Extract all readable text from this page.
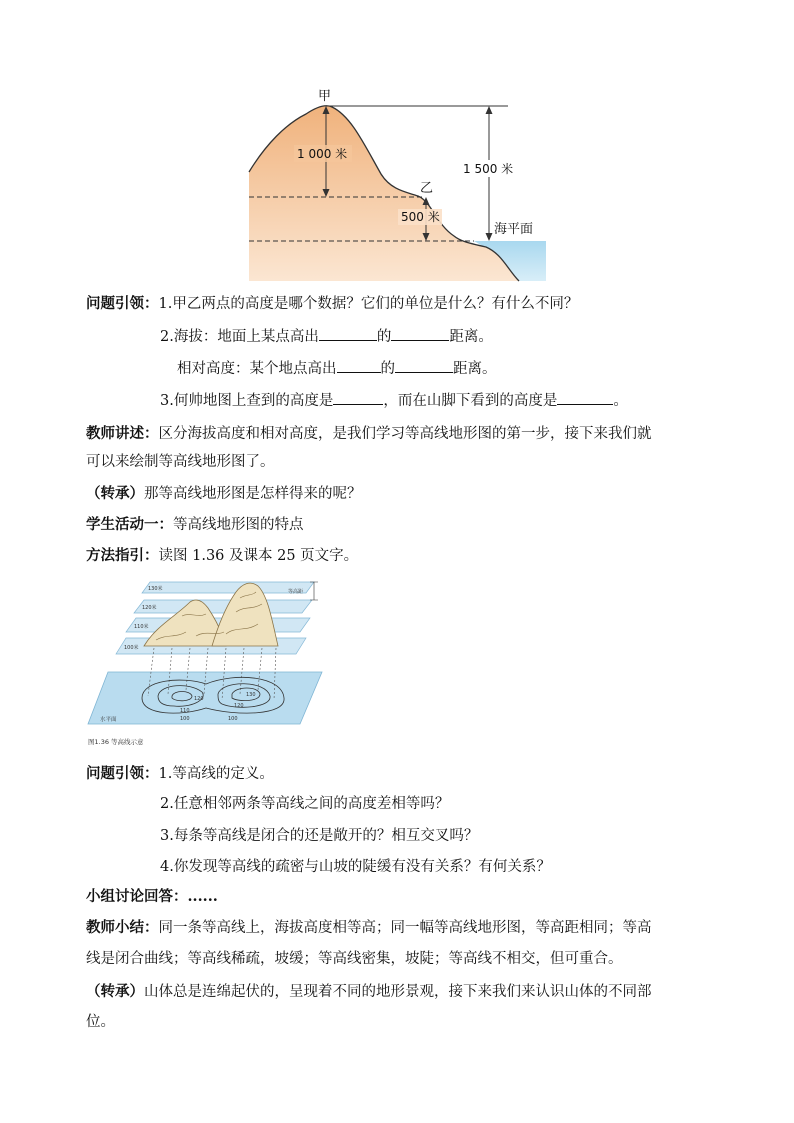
甲
1 000 米
乙
500 米
1 500 米
海平面
问题引领：1.甲乙两点的高度是哪个数据？它们的单位是什么？有什么不同？
2.海拔：地面上某点高出	的	距离。
相对高度：某个地点高出	的	距离。
3.何帅地图上查到的高度是	，而在山脚下看到的高度是	。
教师讲述：区分海拔高度和相对高度，是我们学习等高线地形图的第一步，接下来我们就
可以来绘制等高线地形图了。
（转承）那等高线地形图是怎样得来的呢？
学生活动一：等高线地形图的特点
方法指引：读图 1.36 及课本 25 页文字。
130米
120米
110米
100米
等高距
水平面
120
110
100	100
130
120
图1.36 等高线示意
问题引领：1.等高线的定义。
2.任意相邻两条等高线之间的高度差相等吗？
3.每条等高线是闭合的还是敞开的？相互交叉吗？
4.你发现等高线的疏密与山坡的陡缓有没有关系？有何关系？
小组讨论回答：......
教师小结：同一条等高线上，海拔高度相等高；同一幅等高线地形图，等高距相同；等高
线是闭合曲线；等高线稀疏，坡缓；等高线密集，坡陡；等高线不相交，但可重合。
（转承）山体总是连绵起伏的，呈现着不同的地形景观，接下来我们来认识山体的不同部
位。
